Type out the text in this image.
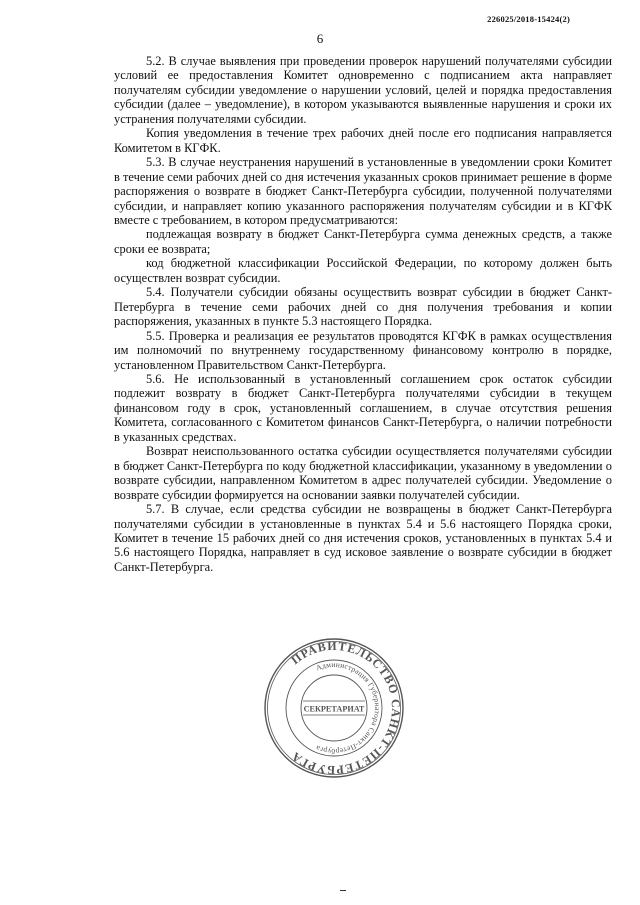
226025/2018-15424(2)
6

5.2. В случае выявления при проведении проверок нарушений получателями субсидии условий ее предоставления Комитет одновременно с подписанием акта направляет получателям субсидии уведомление о нарушении условий, целей и порядка предоставления субсидии (далее – уведомление), в котором указываются выявленные нарушения и сроки их устранения получателями субсидии.

Копия уведомления в течение трех рабочих дней после его подписания направляется Комитетом в КГФК.

5.3. В случае неустранения нарушений в установленные в уведомлении сроки Комитет в течение семи рабочих дней со дня истечения указанных сроков принимает решение в форме распоряжения о возврате в бюджет Санкт-Петербурга субсидии, полученной получателями субсидии, и направляет копию указанного распоряжения получателям субсидии и в КГФК вместе с требованием, в котором предусматриваются:

подлежащая возврату в бюджет Санкт-Петербурга сумма денежных средств, а также сроки ее возврата;

код бюджетной классификации Российской Федерации, по которому должен быть осуществлен возврат субсидии.

5.4. Получатели субсидии обязаны осуществить возврат субсидии в бюджет Санкт-Петербурга в течение семи рабочих дней со дня получения требования и копии распоряжения, указанных в пункте 5.3 настоящего Порядка.

5.5. Проверка и реализация ее результатов проводятся КГФК в рамках осуществления им полномочий по внутреннему государственному финансовому контролю в порядке, установленном Правительством Санкт-Петербурга.

5.6. Не использованный в установленный соглашением срок остаток субсидии подлежит возврату в бюджет Санкт-Петербурга получателями субсидии в текущем финансовом году в срок, установленный соглашением, в случае отсутствия решения Комитета, согласованного с Комитетом финансов Санкт-Петербурга, о наличии потребности в указанных средствах.

Возврат неиспользованного остатка субсидии осуществляется получателями субсидии в бюджет Санкт-Петербурга по коду бюджетной классификации, указанному в уведомлении о возврате субсидии, направленном Комитетом в адрес получателей субсидии. Уведомление о возврате субсидии формируется на основании заявки получателей субсидии.

5.7. В случае, если средства субсидии не возвращены в бюджет Санкт-Петербурга получателями субсидии в установленные в пунктах 5.4 и 5.6 настоящего Порядка сроки, Комитет в течение 15 рабочих дней со дня истечения сроков, установленных в пунктах 5.4 и 5.6 настоящего Порядка, направляет в суд исковое заявление о возврате субсидии в бюджет Санкт-Петербурга.

ПРАВИТЕЛЬСТВО САНКТ-ПЕТЕРБУРГА
Администрация Губернатора Санкт-Петербурга
СЕКРЕТАРИАТ
